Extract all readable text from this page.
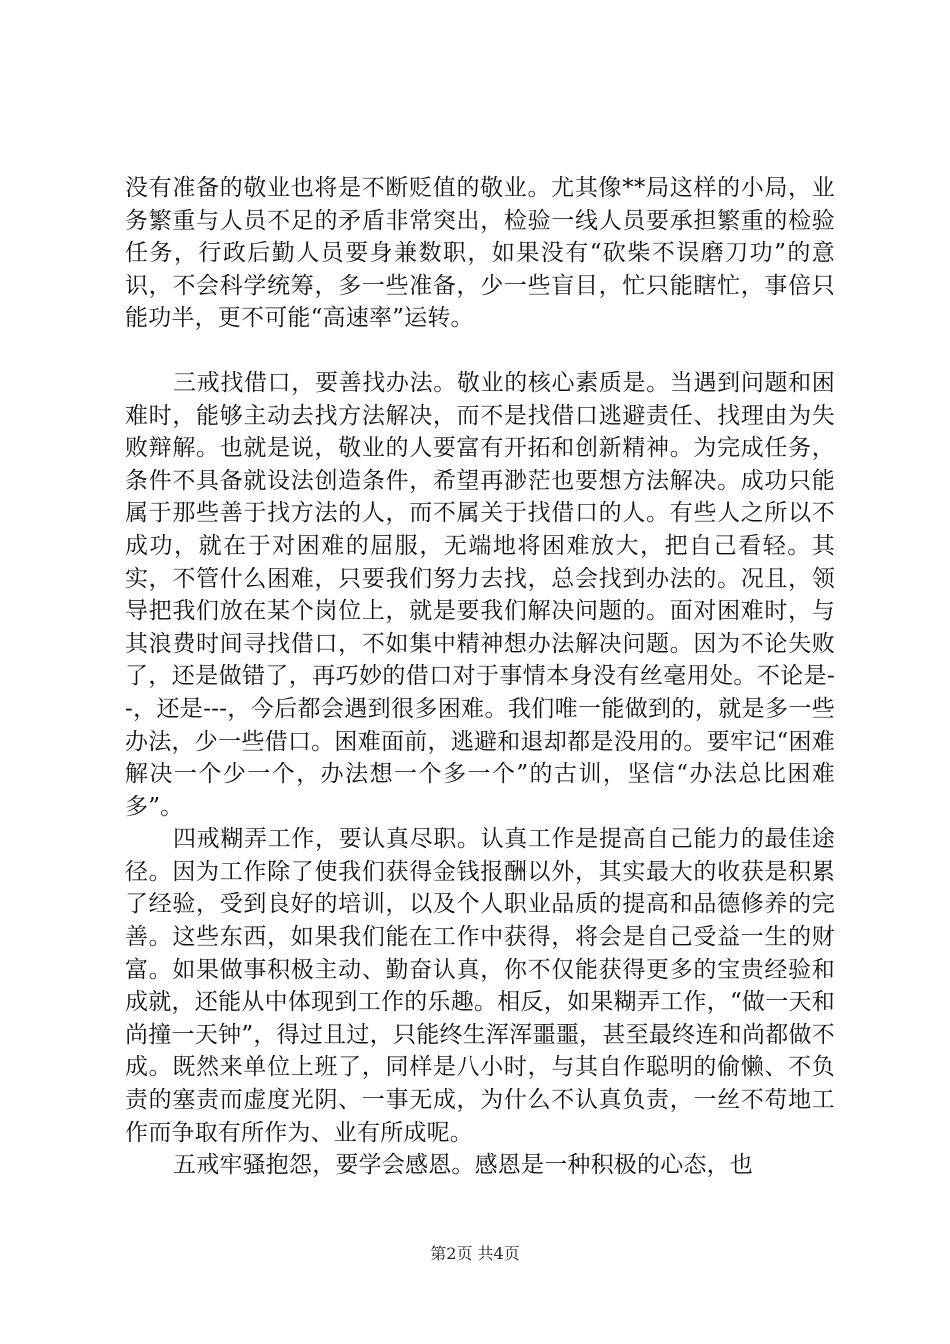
没有准备的敬业也将是不断贬值的敬业。尤其像**局这样的小局，业务繁重与人员不足的矛盾非常突出，检验一线人员要承担繁重的检验任务，行政后勤人员要身兼数职，如果没有“砍柴不误磨刀功”的意识，不会科学统筹，多一些准备，少一些盲目，忙只能瞎忙，事倍只能功半，更不可能“高速率”运转。

三戒找借口，要善找办法。敬业的核心素质是。当遇到问题和困难时，能够主动去找方法解决，而不是找借口逃避责任、找理由为失败辩解。也就是说，敬业的人要富有开拓和创新精神。为完成任务，条件不具备就设法创造条件，希望再渺茫也要想方法解决。成功只能属于那些善于找方法的人，而不属关于找借口的人。有些人之所以不成功，就在于对困难的屈服，无端地将困难放大，把自己看轻。其实，不管什么困难，只要我们努力去找，总会找到办法的。况且，领导把我们放在某个岗位上，就是要我们解决问题的。面对困难时，与其浪费时间寻找借口，不如集中精神想办法解决问题。因为不论失败了，还是做错了，再巧妙的借口对于事情本身没有丝毫用处。不论是--，还是---，今后都会遇到很多困难。我们唯一能做到的，就是多一些办法，少一些借口。困难面前，逃避和退却都是没用的。要牢记“困难解决一个少一个，办法想一个多一个”的古训，坚信“办法总比困难多”。

四戒糊弄工作，要认真尽职。认真工作是提高自己能力的最佳途径。因为工作除了使我们获得金钱报酬以外，其实最大的收获是积累了经验，受到良好的培训，以及个人职业品质的提高和品德修养的完善。这些东西，如果我们能在工作中获得，将会是自己受益一生的财富。如果做事积极主动、勤奋认真，你不仅能获得更多的宝贵经验和成就，还能从中体现到工作的乐趣。相反，如果糊弄工作，“做一天和尚撞一天钟”，得过且过，只能终生浑浑噩噩，甚至最终连和尚都做不成。既然来单位上班了，同样是八小时，与其自作聪明的偷懒、不负责的塞责而虚度光阴、一事无成，为什么不认真负责，一丝不苟地工作而争取有所作为、业有所成呢。

五戒牢骚抱怨，要学会感恩。感恩是一种积极的心态，也

第2页 共4页
